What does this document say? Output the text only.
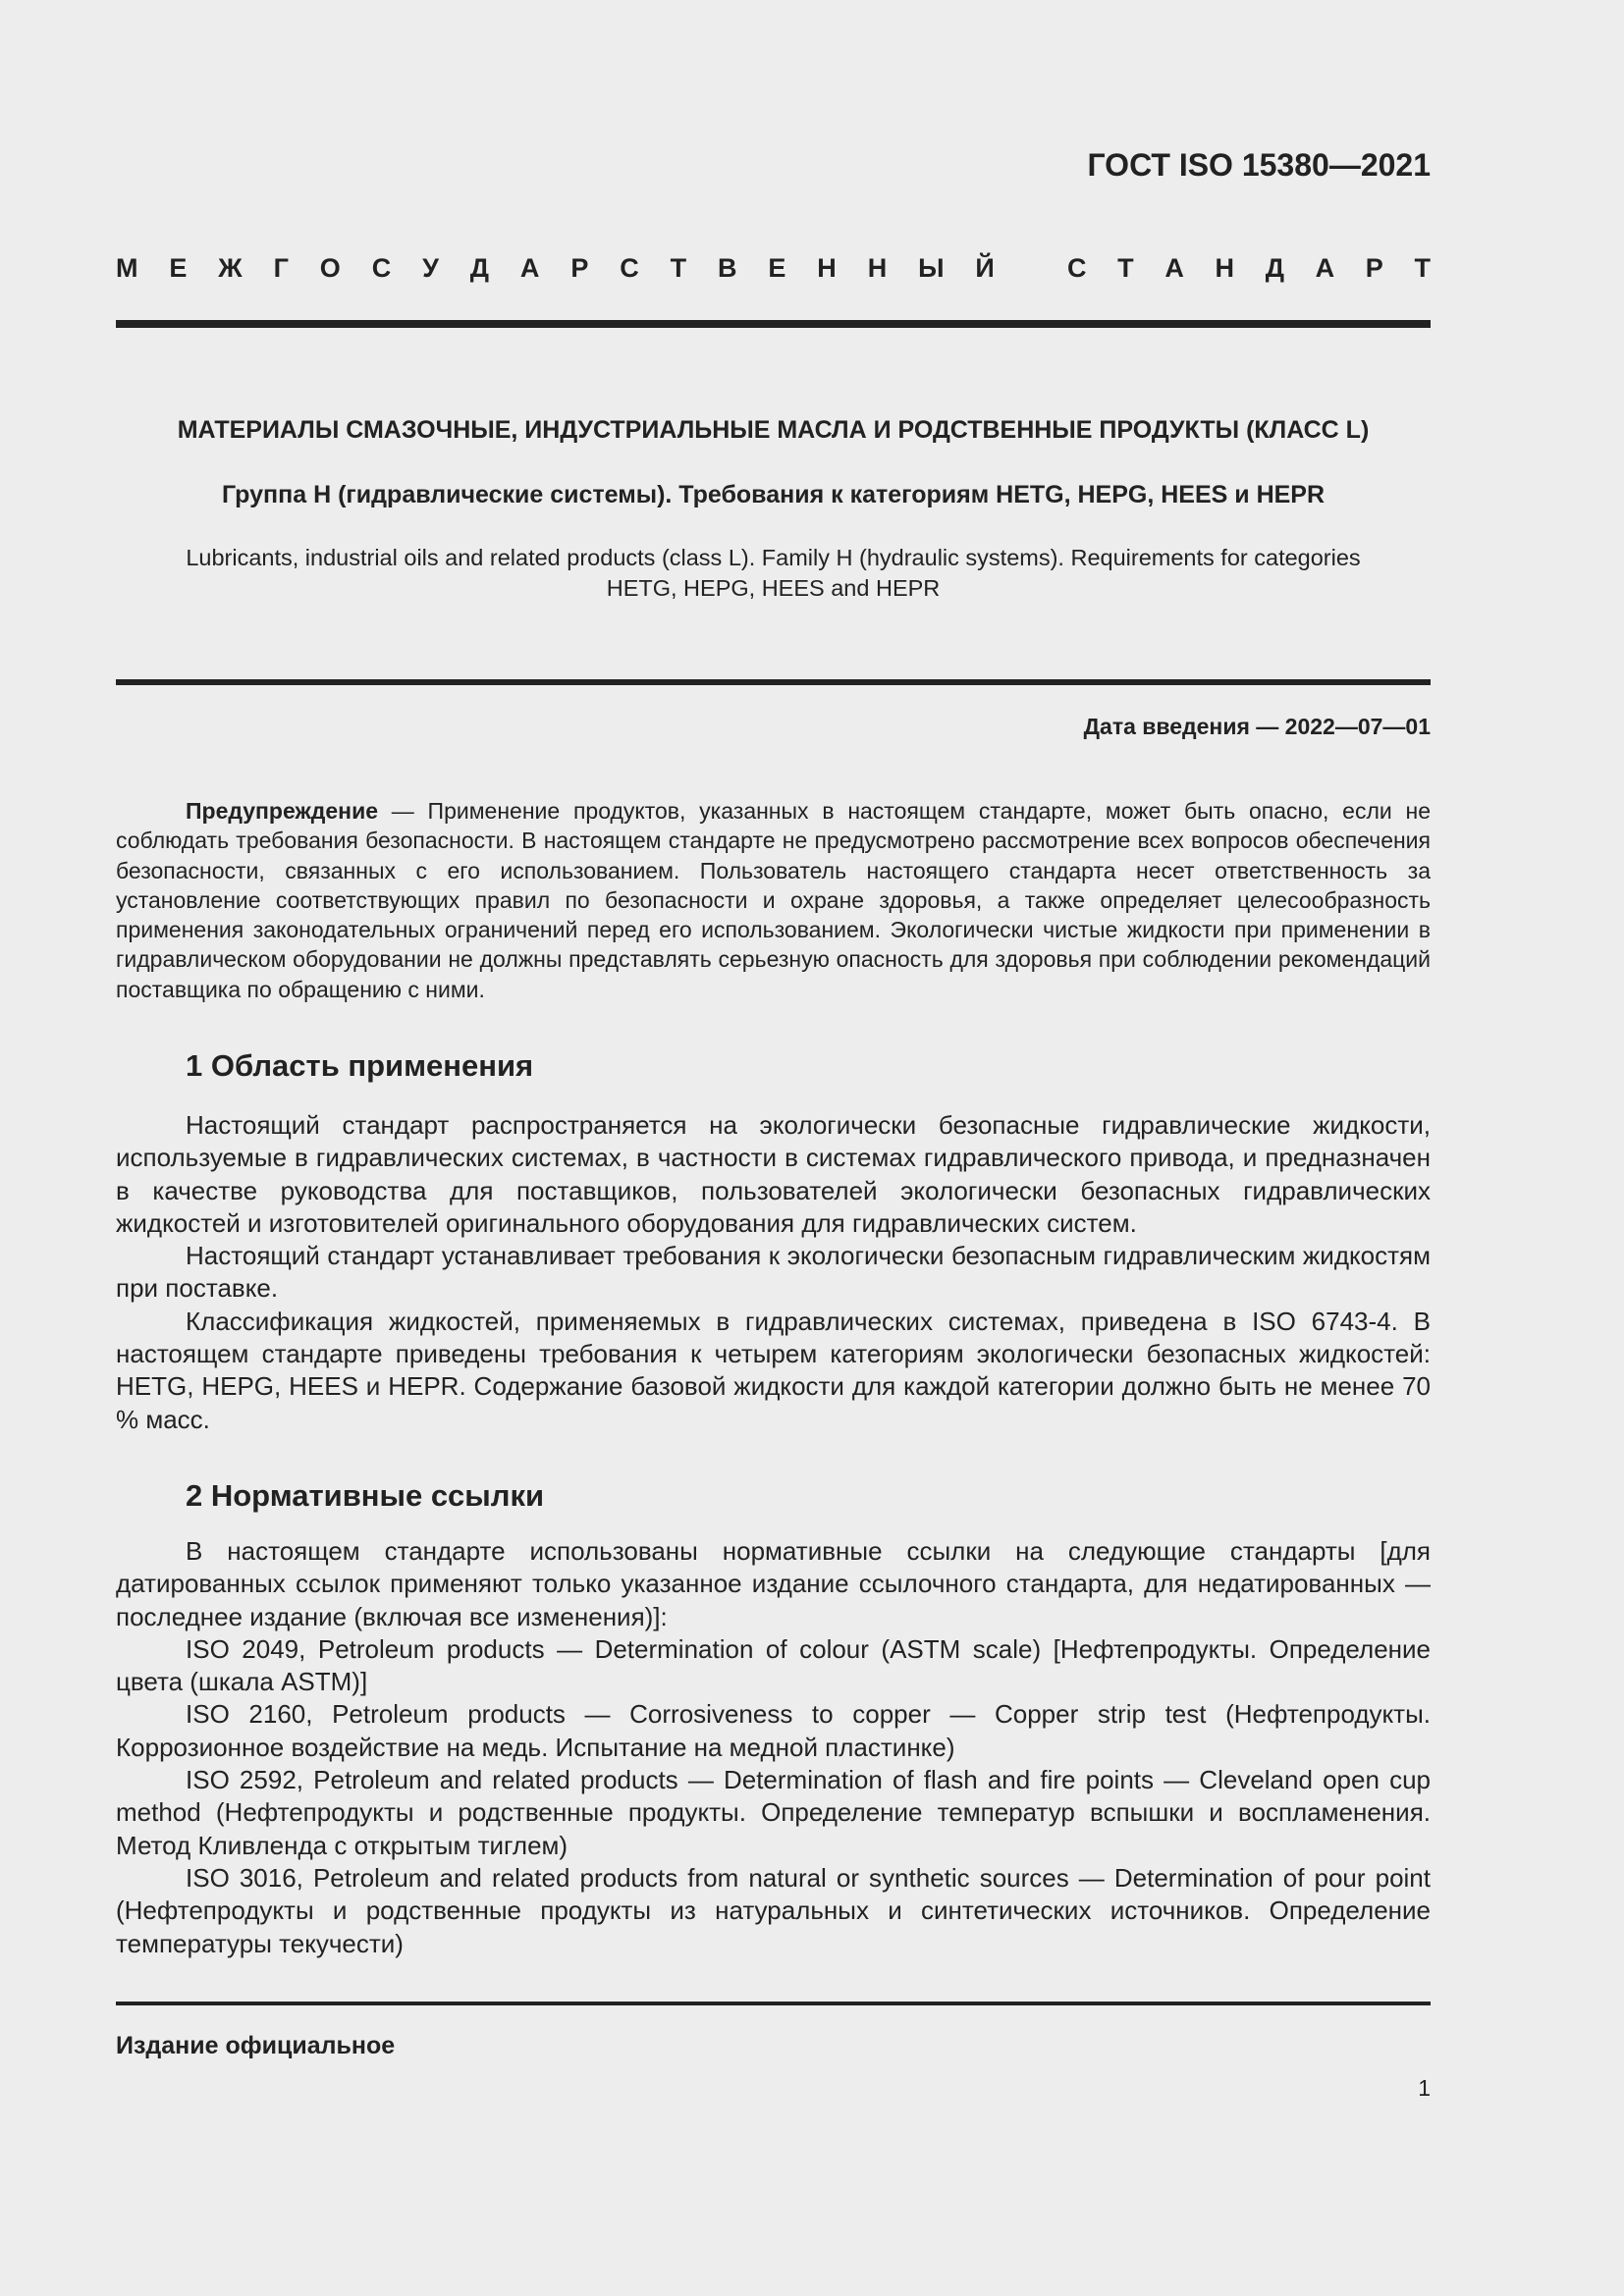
ГОСТ ISO 15380—2021
М Е Ж Г О С У Д А Р С Т В Е Н Н Ы Й	С Т А Н Д А Р Т
МАТЕРИАЛЫ СМАЗОЧНЫЕ, ИНДУСТРИАЛЬНЫЕ МАСЛА И РОДСТВЕННЫЕ ПРОДУКТЫ (КЛАСС L)
Группа H (гидравлические системы). Требования к категориям HETG, HEPG, HEES и HEPR
Lubricants, industrial oils and related products (class L). Family H (hydraulic systems). Requirements for categories
HETG, HEPG, HEES and HEPR
Дата введения — 2022—07—01

Предупреждение — Применение продуктов, указанных в настоящем стандарте, может быть опасно, если не соблюдать требования безопасности. В настоящем стандарте не предусмотрено рассмотрение всех вопросов обеспечения безопасности, связанных с его использованием. Пользователь настоящего стандарта несет ответственность за установление соответствующих правил по безопасности и охране здоровья, а также определяет целесообразность применения законодательных ограничений перед его использованием. Экологически чистые жидкости при применении в гидравлическом оборудовании не должны представлять серьезную опасность для здоровья при соблюдении рекомендаций поставщика по обращению с ними.

1 Область применения

Настоящий стандарт распространяется на экологически безопасные гидравлические жидкости, используемые в гидравлических системах, в частности в системах гидравлического привода, и предназначен в качестве руководства для поставщиков, пользователей экологически безопасных гидравлических жидкостей и изготовителей оригинального оборудования для гидравлических систем.

Настоящий стандарт устанавливает требования к экологически безопасным гидравлическим жидкостям при поставке.

Классификация жидкостей, применяемых в гидравлических системах, приведена в ISO 6743-4. В настоящем стандарте приведены требования к четырем категориям экологически безопасных жидкостей: HETG, HEPG, HEES и HEPR. Содержание базовой жидкости для каждой категории должно быть не менее 70 % масс.

2 Нормативные ссылки

В настоящем стандарте использованы нормативные ссылки на следующие стандарты [для датированных ссылок применяют только указанное издание ссылочного стандарта, для недатированных — последнее издание (включая все изменения)]:

ISO 2049, Petroleum products — Determination of colour (ASTM scale) [Нефтепродукты. Определение цвета (шкала ASTM)]

ISO 2160, Petroleum products — Corrosiveness to copper — Copper strip test (Нефтепродукты. Коррозионное воздействие на медь. Испытание на медной пластинке)

ISO 2592, Petroleum and related products — Determination of flash and fire points — Cleveland open cup method (Нефтепродукты и родственные продукты. Определение температур вспышки и воспламенения. Метод Кливленда с открытым тиглем)

ISO 3016, Petroleum and related products from natural or synthetic sources — Determination of pour point (Нефтепродукты и родственные продукты из натуральных и синтетических источников. Определение температуры текучести)

Издание официальное
1
